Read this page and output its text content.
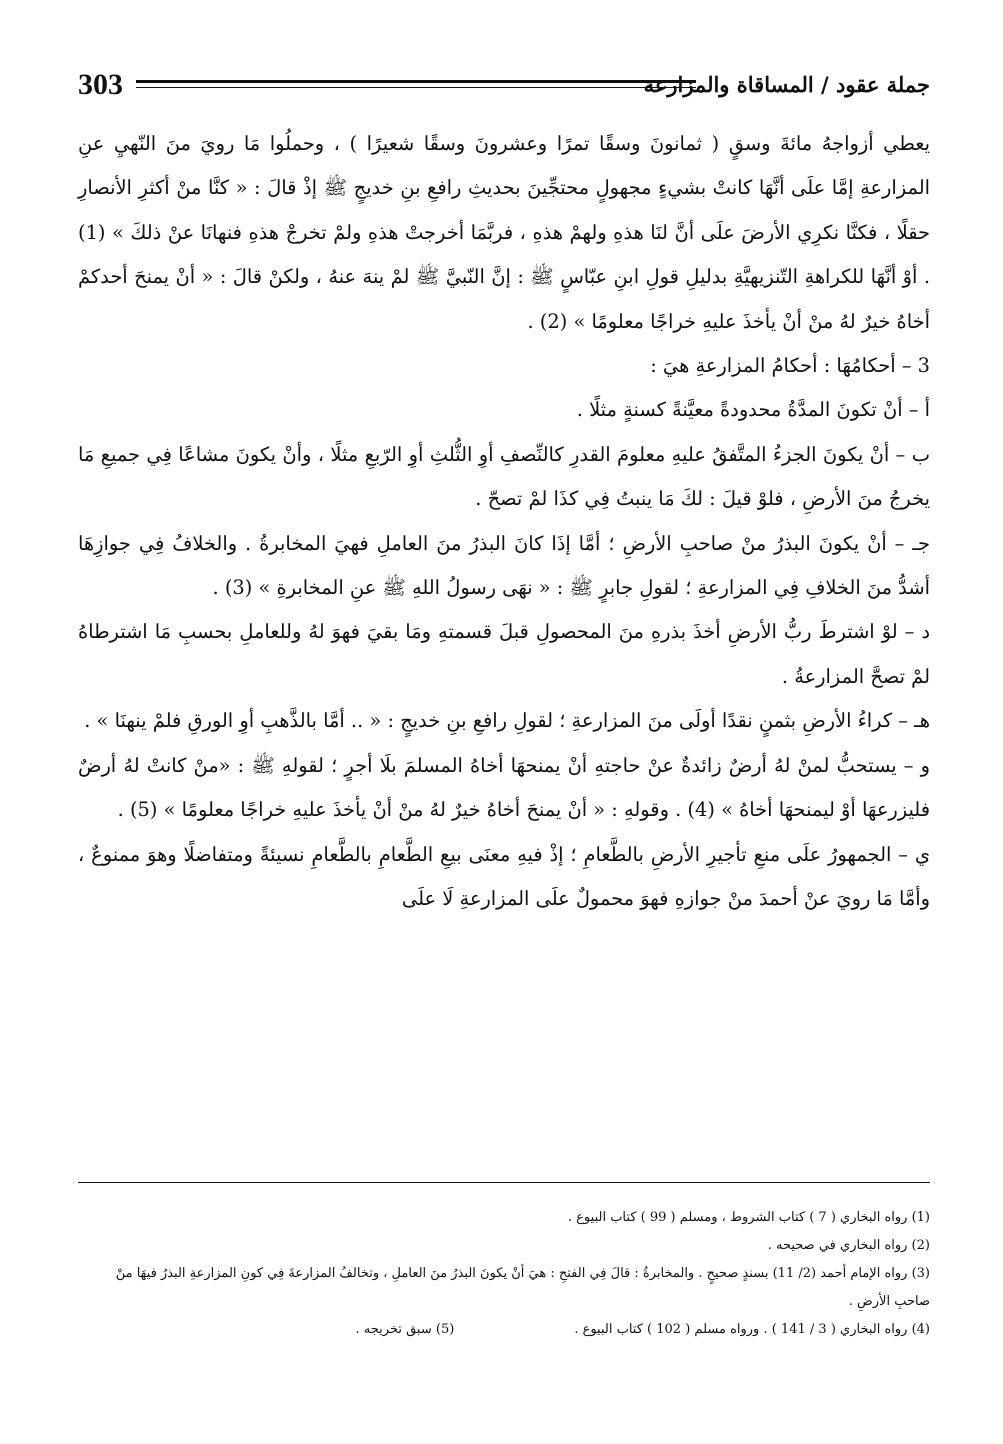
303	جملة عقود / المساقاة والمزارعة

يعطي أزواجهُ مائةَ وسقٍ ( ثمانونَ وسقًا تمرًا وعشرونَ وسقًا شعيرًا ) ، وحملُوا مَا رويَ منَ النّهيِ عنِ المزارعةِ إمَّا علَى أنَّهَا كانتْ بشيءٍ مجهولٍ محتجِّينَ بحديثِ رافعِ بنِ خديجٍ ﷺ إذْ قالَ : « كنَّا منْ أكثرِ الأنصارِ حقلًا ، فكنَّا نكرِي الأرضَ علَى أنَّ لنَا هذهِ ولهمْ هذهِ ، فربَّمَا أخرجتْ هذهِ ولمْ تخرجْ هذهِ فنهانَا عنْ ذلكَ » (1) . أوْ أنَّهَا للكراهةِ التّنزيهيَّةِ بدليلِ قولِ ابنِ عبّاسٍ ﷺ : إنَّ النّبيَّ ﷺ لمْ ينهَ عنهُ ، ولكنْ قالَ : « أنْ يمنحَ أحدكمْ أخاهُ خيرٌ لهُ منْ أنْ يأخذَ عليهِ خراجًا معلومًا » (2) .

3 – أحكامُهَا : أحكامُ المزارعةِ هيَ :

أ – أنْ تكونَ المدَّةُ محدودةً معيَّنةً كسنةٍ مثلًا .

ب – أنْ يكونَ الجزءُ المتَّفقُ عليهِ معلومَ القدرِ كالنِّصفِ أوِ الثُّلثِ أوِ الرّبعِ مثلًا ، وأنْ يكونَ مشاعًا فِي جميعِ مَا يخرجُ منَ الأرضِ ، فلوْ قيلَ : لكَ مَا ينبتُ فِي كذَا لمْ تصحّ .

جـ – أنْ يكونَ البذرُ منْ صاحبِ الأرضِ ؛ أمَّا إذَا كانَ البذرُ منَ العاملِ فهيَ المخابرةُ . والخلافُ فِي جوازِهَا أشدُّ منَ الخلافِ فِي المزارعةِ ؛ لقولِ جابرٍ ﷺ : « نهَى رسولُ اللهِ ﷺ عنِ المخابرةِ » (3) .

د – لوْ اشترطَ ربُّ الأرضِ أخذَ بذرهِ منَ المحصولِ قبلَ قسمتهِ ومَا بقيَ فهوَ لهُ وللعاملِ بحسبِ مَا اشترطاهُ لمْ تصحَّ المزارعةُ .

هـ – كراءُ الأرضِ بثمنٍ نقدًا أولَى منَ المزارعةِ ؛ لقولِ رافعِ بنِ خديجٍ : « .. أمَّا بالذَّهبِ أوِ الورقِ فلمْ ينهنَا » .

و – يستحبُّ لمنْ لهُ أرضٌ زائدةٌ عنْ حاجتهِ أنْ يمنحهَا أخاهُ المسلمَ بلَا أجرٍ ؛ لقولهِ ﷺ : «منْ كانتْ لهُ أرضٌ فليزرعهَا أوْ ليمنحهَا أخاهُ » (4) . وقولهِ : « أنْ يمنحَ أخاهُ خيرٌ لهُ منْ أنْ يأخذَ عليهِ خراجًا معلومًا » (5) .

ي – الجمهورُ علَى منعِ تأجيرِ الأرضِ بالطَّعامِ ؛ إذْ فيهِ معنَى بيعِ الطَّعامِ بالطَّعامِ نسيئةً ومتفاضلًا وهوَ ممنوعٌ ، وأمَّا مَا رويَ عنْ أحمدَ منْ جوازهِ فهوَ محمولٌ علَى المزارعةِ لَا علَى

(1) رواه البخاري ( 7 ) كتاب الشروط ، ومسلم ( 99 ) كتاب البيوع .

(2) رواه البخاري في صحيحه .

(3) رواه الإمام أحمد (2/ 11) بسندٍ صحيحٍ . والمخابرةُ : قالَ فِي الفتحِ : هيَ أنْ يكونَ البذرُ منَ العاملِ ، وتخالفُ المزارعةَ فِي كونِ المزارعةِ البذرُ فيهَا منْ صاحبِ الأرضِ .

(4) رواه البخاري ( 3 / 141 ) . ورواه مسلم ( 102 ) كتاب البيوع .
(5) سبق تخريجه .
